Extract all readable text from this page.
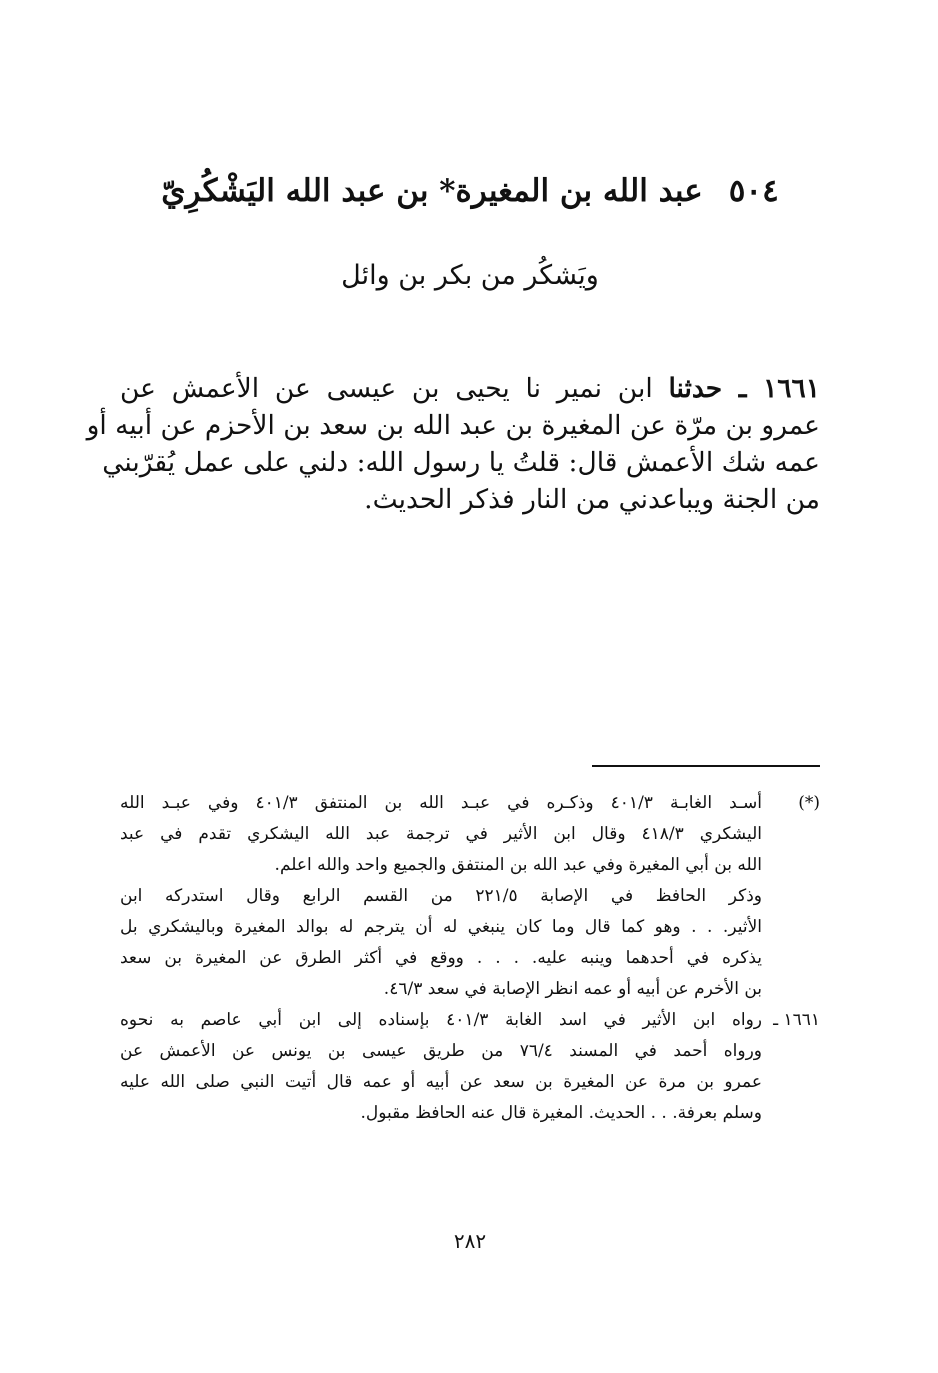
٥٠٤عبد الله بن المغيرة* بن عبد الله اليَشْكُرِيّ
ويَشكُر من بكر بن وائل
١٦٦١ ـ حدثنا ابن نمير نا يحيى بن عيسى عن الأعمش عن
عمرو بن مرّة عن المغيرة بن عبد الله بن سعد بن الأحزم عن أبيه أو
عمه شك الأعمش قال: قلتُ يا رسول الله: دلني على عمل يُقرّبني
من الجنة ويباعدني من النار فذكر الحديث.
(*)
أسـد الغابـة ٤٠١/٣ وذكـره في عبـد الله بن المنتفق ٤٠١/٣ وفي عبـد الله
اليشكري ٤١٨/٣ وقال ابن الأثير في ترجمة عبد الله اليشكري تقدم في عبد
الله بن أبي المغيرة وفي عبد الله بن المنتفق والجميع واحد والله اعلم.
وذكر الحافظ في الإصابة ٢٢١/٥ من القسم الرابع وقال استدركه ابن
الأثير. . . وهو كما قال وما كان ينبغي له أن يترجم له بوالد المغيرة وباليشكري بل
يذكره في أحدهما وينبه عليه. . . . ووقع في أكثر الطرق عن المغيرة بن سعد
بن الأخرم عن أبيه أو عمه انظر الإصابة في سعد ٤٦/٣.
١٦٦١ ـ
رواه ابن الأثير في اسد الغابة ٤٠١/٣ بإسناده إلى ابن أبي عاصم به نحوه
ورواه أحمد في المسند ٧٦/٤ من طريق عيسى بن يونس عن الأعمش عن
عمرو بن مرة عن المغيرة بن سعد عن أبيه أو عمه قال أتيت النبي صلى الله عليه
وسلم بعرفة. . . الحديث. المغيرة قال عنه الحافظ مقبول.
٢٨٢
